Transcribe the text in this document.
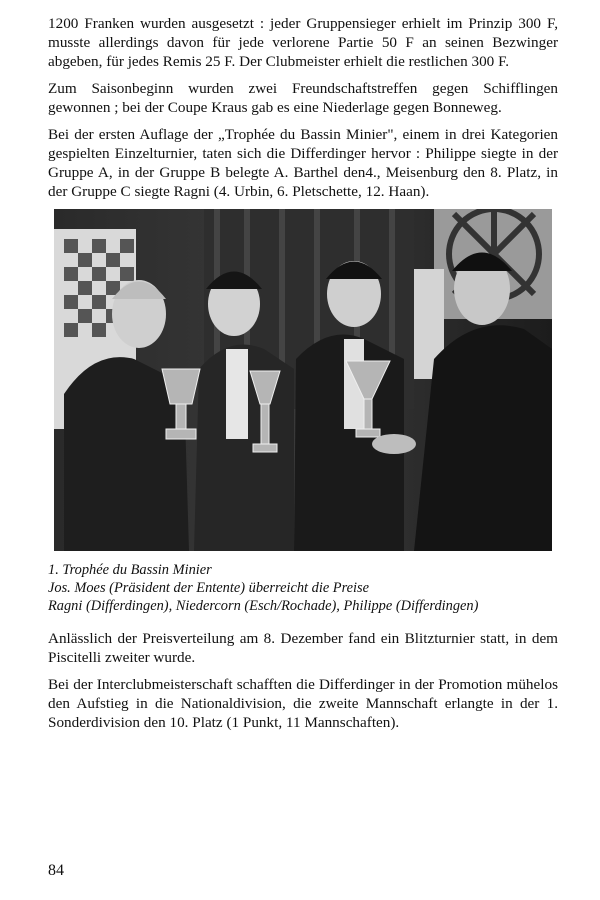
1200 Franken wurden ausgesetzt : jeder Gruppensieger erhielt im Prinzip 300 F, musste allerdings davon für jede verlorene Partie 50 F an seinen Bezwinger abgeben, für jedes Remis 25 F. Der Clubmeister erhielt die restlichen 300 F.

Zum Saisonbeginn wurden zwei Freundschaftstreffen gegen Schifflingen gewonnen ; bei der Coupe Kraus gab es eine Niederlage gegen Bonneweg.

Bei der ersten Auflage der „Trophée du Bassin Minier", einem in drei Kategorien gespielten Einzelturnier, taten sich die Differdinger hervor : Philippe siegte in der Gruppe A, in der Gruppe B belegte A. Barthel den4., Meisenburg den 8. Platz, in der Gruppe C siegte Ragni (4. Urbin, 6. Pletschette, 12. Haan).

1. Trophée du Bassin Minier
Jos. Moes (Präsident der Entente) überreicht die Preise
Ragni (Differdingen), Niedercorn (Esch/Rochade), Philippe (Differdingen)

Anlässlich der Preisverteilung am 8. Dezember fand ein Blitzturnier statt, in dem Piscitelli zweiter wurde.

Bei der Interclubmeisterschaft schafften die Differdinger in der Promotion mühelos den Aufstieg in die Nationaldivision, die zweite Mannschaft erlangte in der 1. Sonderdivision den 10. Platz (1 Punkt, 11 Mannschaften).

84
